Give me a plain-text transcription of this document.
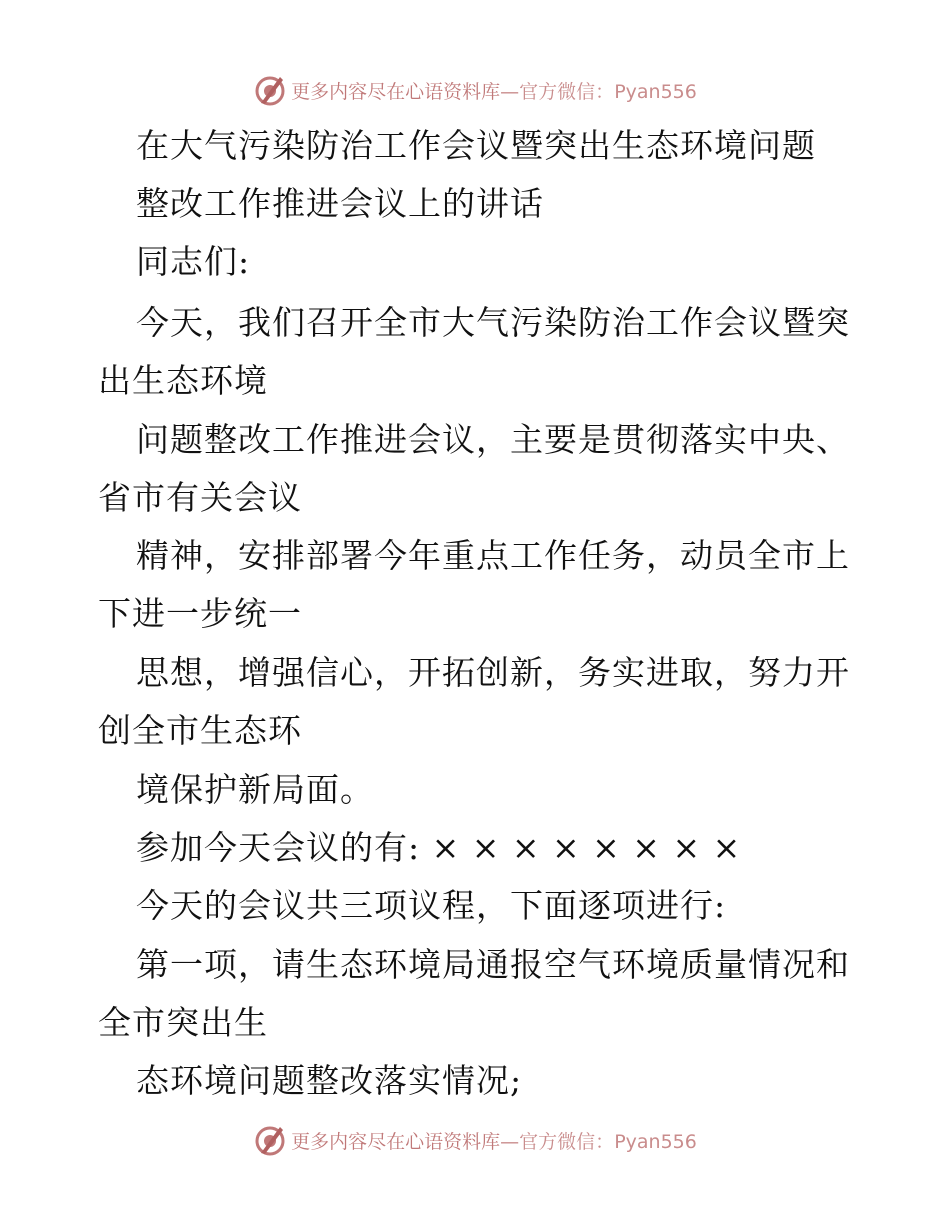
更多内容尽在心语资料库—官方微信：Pyan556
在大气污染防治工作会议暨突出生态环境问题
整改工作推进会议上的讲话
同志们:
今天，我们召开全市大气污染防治工作会议暨突
出生态环境
问题整改工作推进会议，主要是贯彻落实中央、
省市有关会议
精神，安排部署今年重点工作任务，动员全市上
下进一步统一
思想，增强信心，开拓创新，务实进取，努力开
创全市生态环
境保护新局面。
参加今天会议的有: × × × × × × × ×
今天的会议共三项议程，下面逐项进行:
第一项，请生态环境局通报空气环境质量情况和
全市突出生
态环境问题整改落实情况;
更多内容尽在心语资料库—官方微信：Pyan556
